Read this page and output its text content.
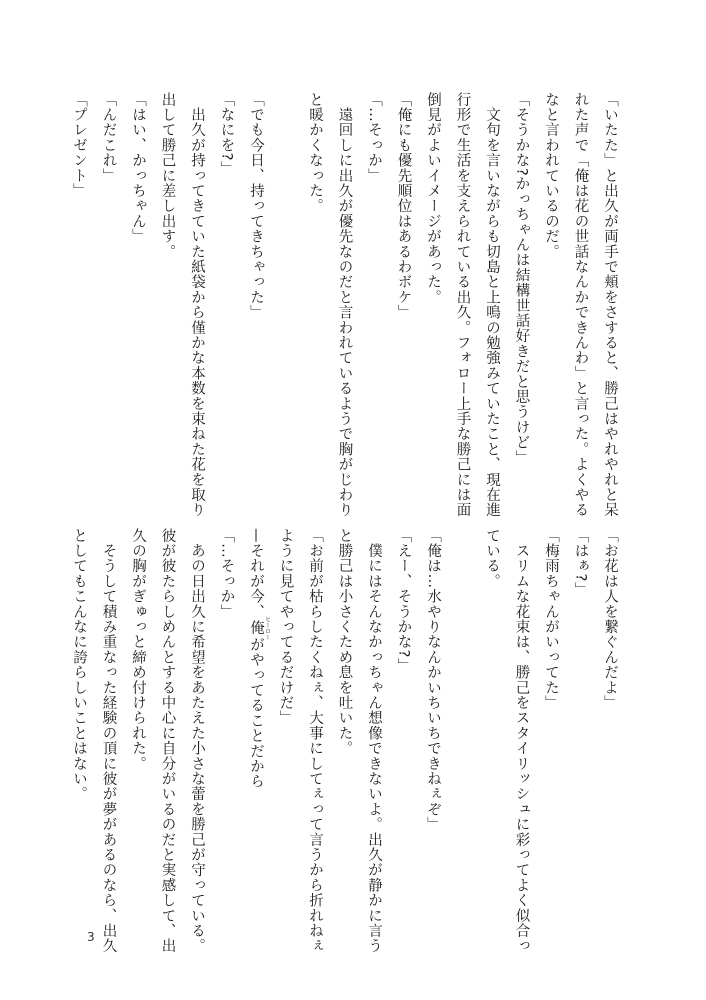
「いたた」と出久が両手で頬をさすると、勝己はやれやれと呆
れた声で「俺は花の世話なんかできんわ」と言った。よくやる
なと言われているのだ。
「そうかな?かっちゃんは結構世話好きだと思うけど」
　文句を言いながらも切島と上鳴の勉強みていたこと、現在進
行形で生活を支えられている出久。フォロー上手な勝己には面
倒見がよいイメージがあった。
「俺にも優先順位はあるわボケ」
「…そっか」
　遠回しに出久が優先なのだと言われているようで胸がじわり
と暖かくなった。
「でも今日、持ってきちゃった」
「なにを?」
　出久が持ってきていた紙袋から僅かな本数を束ねた花を取り
出して勝己に差し出す。
「はい、かっちゃん」
「んだこれ」
「プレゼント」
「お花は人を繋ぐんだよ」
「はぁ?」
「梅雨ちゃんがいってた」
　スリムな花束は、勝己をスタイリッシュに彩ってよく似合っ
ている。
「俺は…水やりなんかいちいちできねぇぞ」
「えー、そうかな?」
　僕にはそんなかっちゃん想像できないよ。出久が静かに言う
と勝己は小さくため息を吐いた。
「お前が枯らしたくねぇ、大事にしてぇって言うから折れねぇ
ように見てやってるだけだ」
—それが今、俺 ヒーローがやってることだから
「…そっか」
　あの日出久に希望をあたえた小さな蕾を勝己が守っている。
彼が彼たらしめんとする中心に自分がいるのだと実感して、出
久の胸がぎゅっと締め付けられた。
　そうして積み重なった経験の頂に彼が夢があるのなら、出久
としてもこんなに誇らしいことはない。
3
